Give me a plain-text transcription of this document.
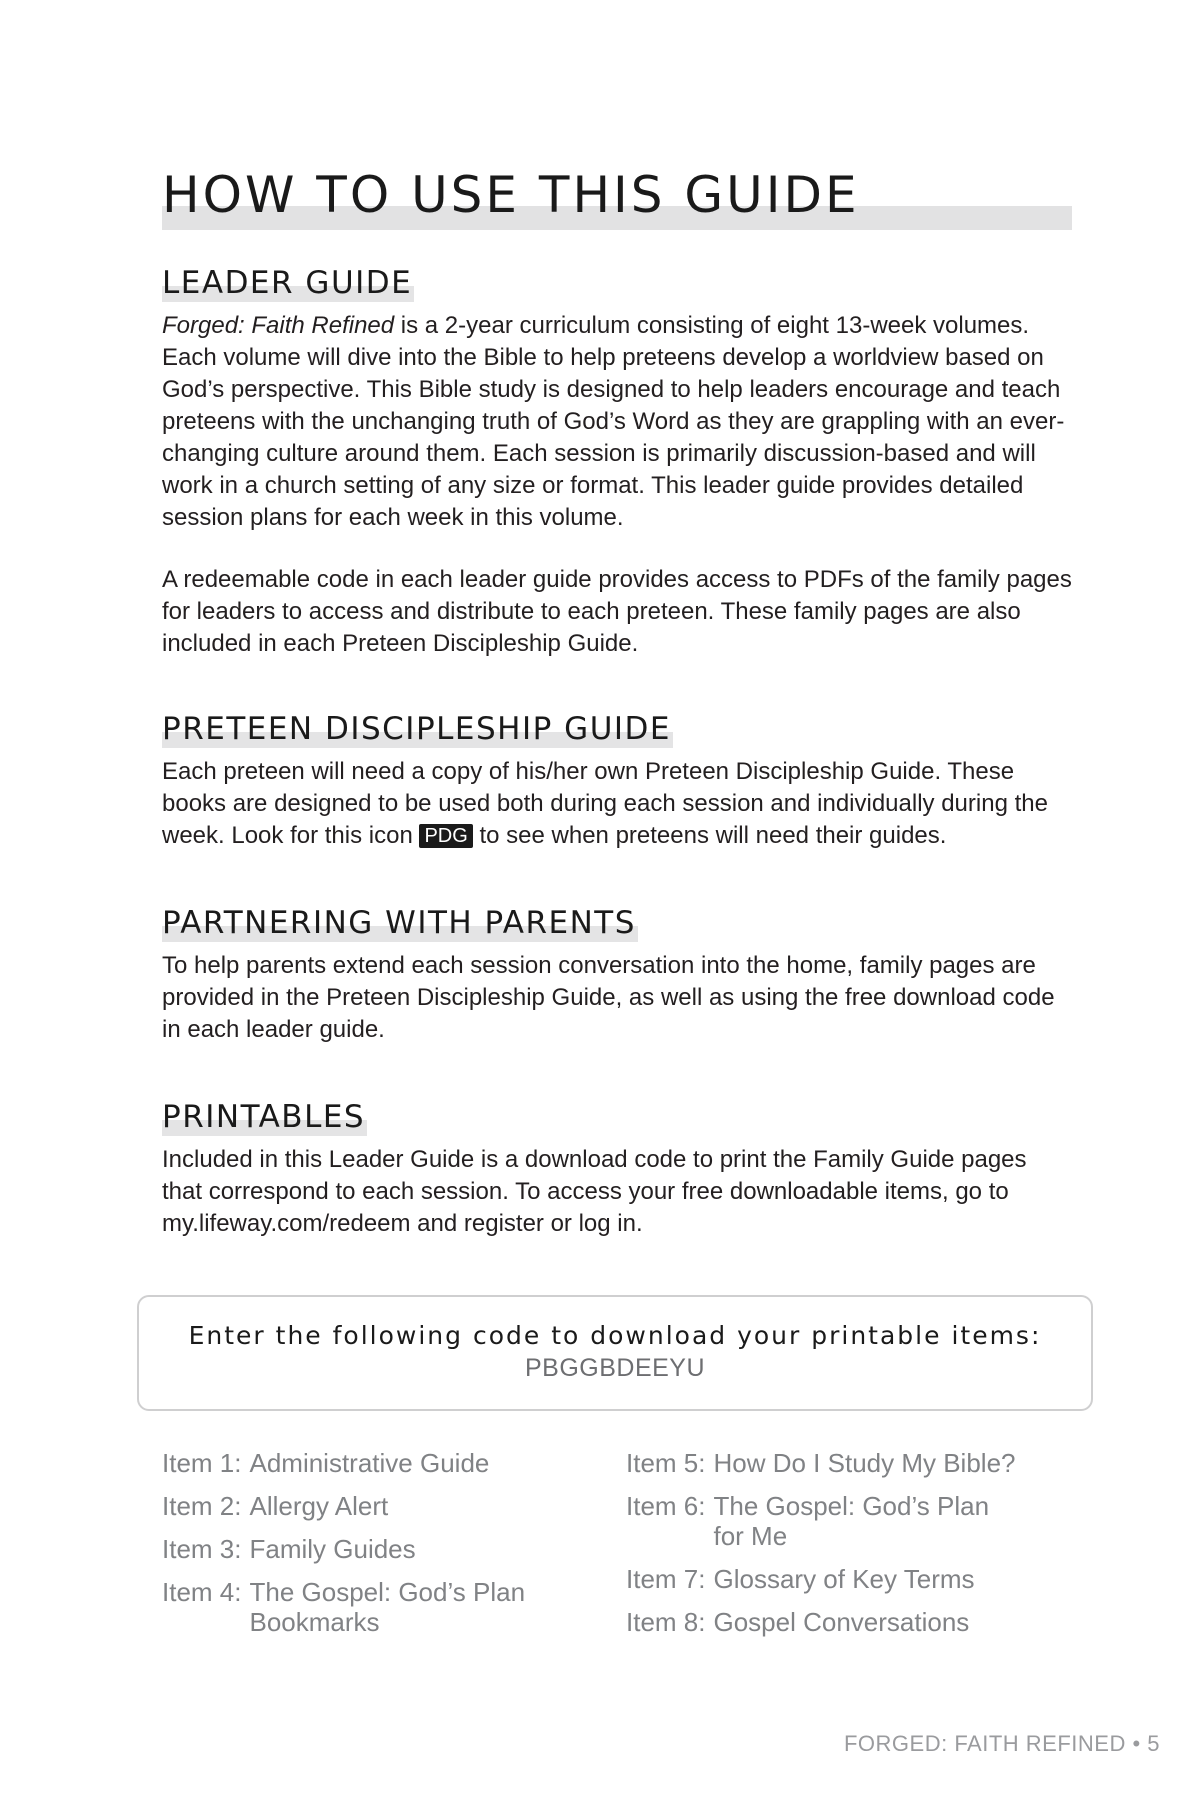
HOW TO USE THIS GUIDE
LEADER GUIDE

Forged: Faith Refined is a 2-year curriculum consisting of eight 13-week volumes. Each volume will dive into the Bible to help preteens develop a worldview based on God’s perspective. This Bible study is designed to help leaders encourage and teach preteens with the unchanging truth of God’s Word as they are grappling with an ever-changing culture around them. Each session is primarily discussion-based and will work in a church setting of any size or format. This leader guide provides detailed session plans for each week in this volume.

A redeemable code in each leader guide provides access to PDFs of the family pages for leaders to access and distribute to each preteen. These family pages are also included in each Preteen Discipleship Guide.

PRETEEN DISCIPLESHIP GUIDE

Each preteen will need a copy of his/her own Preteen Discipleship Guide. These books are designed to be used both during each session and individually during the week. Look for this icon PDG to see when preteens will need their guides.

PARTNERING WITH PARENTS

To help parents extend each session conversation into the home, family pages are provided in the Preteen Discipleship Guide, as well as using the free download code in each leader guide.

PRINTABLES

Included in this Leader Guide is a download code to print the Family Guide pages that correspond to each session. To access your free downloadable items, go to my.lifeway.com/redeem and register or log in.

Enter the following code to download your printable items:
PBGGBDEEYU
Item 1: Administrative Guide
Item 2: Allergy Alert
Item 3: Family Guides
Item 4: The Gospel: God’s Plan Bookmarks
Item 5: How Do I Study My Bible?
Item 6: The Gospel: God’s Plan for Me
Item 7: Glossary of Key Terms
Item 8: Gospel Conversations
FORGED: FAITH REFINED • 5
